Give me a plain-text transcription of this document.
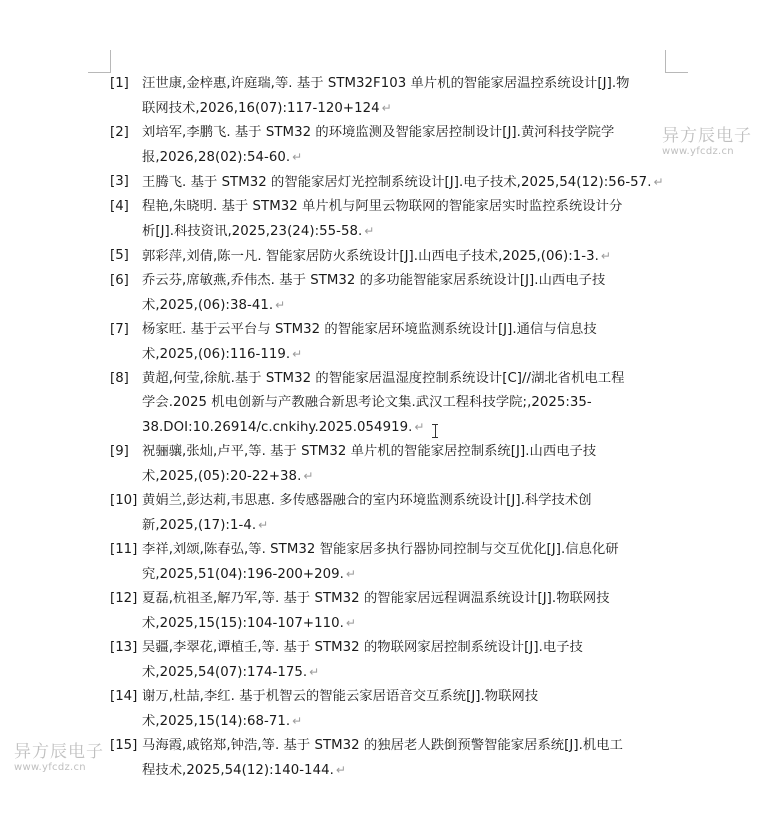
[1] 汪世康,金梓惠,许庭瑞,等. 基于 STM32F103 单片机的智能家居温控系统设计[J].物
联网技术,2026,16(07):117-120+124 ↵
[2] 刘培军,李鹏飞. 基于 STM32 的环境监测及智能家居控制设计[J].黄河科技学院学
报,2026,28(02):54-60. ↵
[3] 王腾飞. 基于 STM32 的智能家居灯光控制系统设计[J].电子技术,2025,54(12):56-57. ↵
[4] 程艳,朱晓明. 基于 STM32 单片机与阿里云物联网的智能家居实时监控系统设计分
析[J].科技资讯,2025,23(24):55-58. ↵
[5] 郭彩萍,刘倩,陈一凡. 智能家居防火系统设计[J].山西电子技术,2025,(06):1-3. ↵
[6] 乔云芬,席敏燕,乔伟杰. 基于 STM32 的多功能智能家居系统设计[J].山西电子技
术,2025,(06):38-41. ↵
[7] 杨家旺. 基于云平台与 STM32 的智能家居环境监测系统设计[J].通信与信息技
术,2025,(06):116-119. ↵
[8] 黄超,何莹,徐航.基于 STM32 的智能家居温湿度控制系统设计[C]//湖北省机电工程
学会.2025 机电创新与产教融合新思考论文集.武汉工程科技学院;,2025:35-
38.DOI:10.26914/c.cnkihy.2025.054919. ↵
[9] 祝骊骧,张灿,卢平,等. 基于 STM32 单片机的智能家居控制系统[J].山西电子技
术,2025,(05):20-22+38. ↵
[10] 黄娟兰,彭达莉,韦思惠. 多传感器融合的室内环境监测系统设计[J].科学技术创
新,2025,(17):1-4. ↵
[11] 李祥,刘颂,陈春弘,等. STM32 智能家居多执行器协同控制与交互优化[J].信息化研
究,2025,51(04):196-200+209. ↵
[12] 夏磊,杭祖圣,解乃军,等. 基于 STM32 的智能家居远程调温系统设计[J].物联网技
术,2025,15(15):104-107+110. ↵
[13] 吴疆,李翠花,谭植壬,等. 基于 STM32 的物联网家居控制系统设计[J].电子技
术,2025,54(07):174-175. ↵
[14] 谢万,杜喆,李红. 基于机智云的智能云家居语音交互系统[J].物联网技
术,2025,15(14):68-71. ↵
[15] 马海霞,戚铭郑,钟浩,等. 基于 STM32 的独居老人跌倒预警智能家居系统[J].机电工
程技术,2025,54(12):140-144. ↵
异方辰电子
www.yfcdz.cn
异方辰电子
www.yfcdz.cn
